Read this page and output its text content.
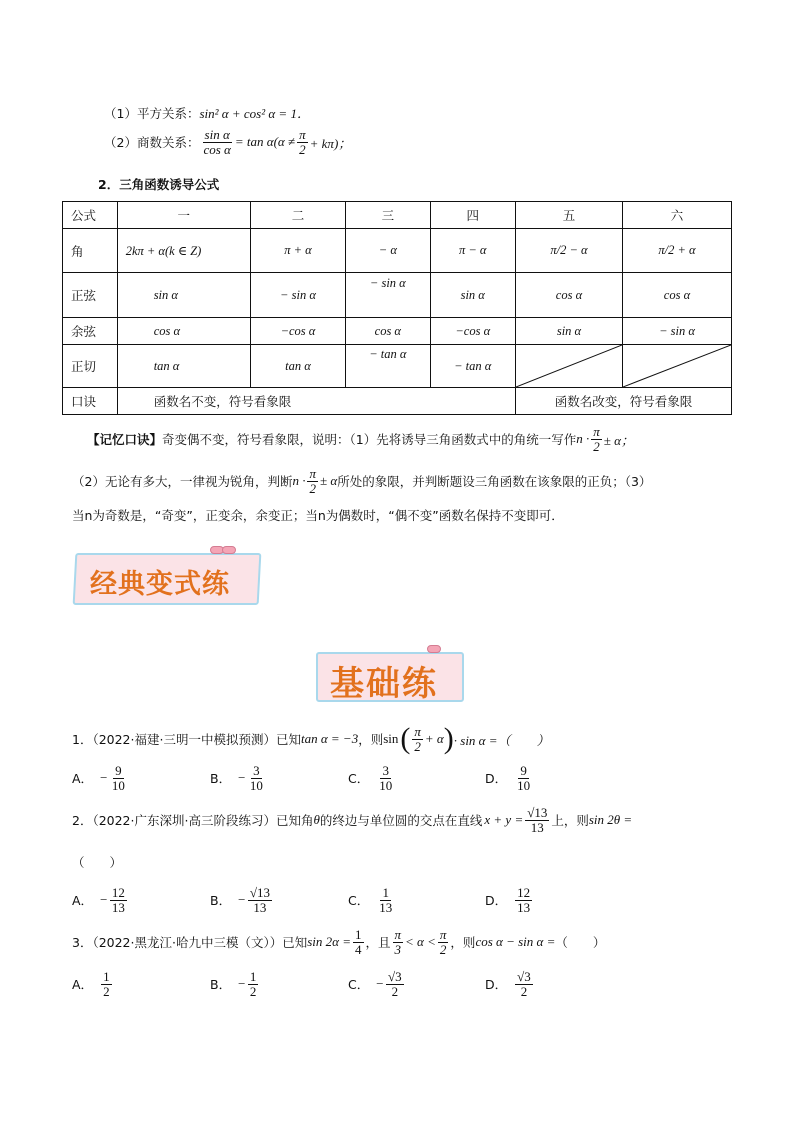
（1）平方关系：sin² α + cos² α = 1．
（2）商数关系： $\frac{\text{sin α}}{\text{cos α}} = \tan \alpha(\alpha \ne \frac{\pi}{2} + k\pi)$；
2．三角函数诱导公式
公式	一	二	三	四	五	六
角	2kπ + α(k ∈ Z)	π + α	− α	π − α	π/2 − α	π/2 + α
正弦	sin α	− sin α	− sin α	sin α	cos α	cos α
余弦	cos α	−cos α	cos α	−cos α	sin α	− sin α
正切	tan α	tan α	− tan α	− tan α	

口诀	函数名不变，符号看象限				函数名改变，符号看象限	
【记忆口诀】 奇变偶不变，符号看象限，说明：（1）先将诱导三角函数式中的角统一写作 $n \cdot \frac{\pi}{2} \pm \alpha$；
（2）无论有多大，一律视为锐角，判断 $n \cdot \frac{\pi}{2} \pm \alpha$ 所处的象限，并判断题设三角函数在该象限的正负；（3）
当n为奇数是，“奇变”，正变余，余变正；当n为偶数时，“偶不变”函数名保持不变即可．
经典变式练
基础练
1．（2022·福建·三明一中模拟预测）已知 tan α = −3 ，则 sin ( $\frac{\pi}{2} + \alpha$ ) · sin α =（　　）
A． − $\frac{9}{10}$	B． − $\frac{3}{10}$	C． $\frac{3}{10}$	D． $\frac{9}{10}$
2．（2022·广东深圳·高三阶段练习）已知角 θ 的终边与单位圆的交点在直线 $x + y = \frac{√13}{13}$ 上，则 sin 2θ =
（　　）
A． − $\frac{12}{13}$	B． − $\frac{√13}{13}$	C． $\frac{1}{13}$	D． $\frac{12}{13}$
3．（2022·黑龙江·哈九中三模（文））已知 $\sin 2\alpha = \frac{1}{4}$ ，且 $\frac{\pi}{3} < \alpha < \frac{\pi}{2}$ ，则 cos α − sin α = （　　）
A． $\frac{1}{2}$	B． − $\frac{1}{2}$	C． − $\frac{√3}{2}$	D． $\frac{√3}{2}$
